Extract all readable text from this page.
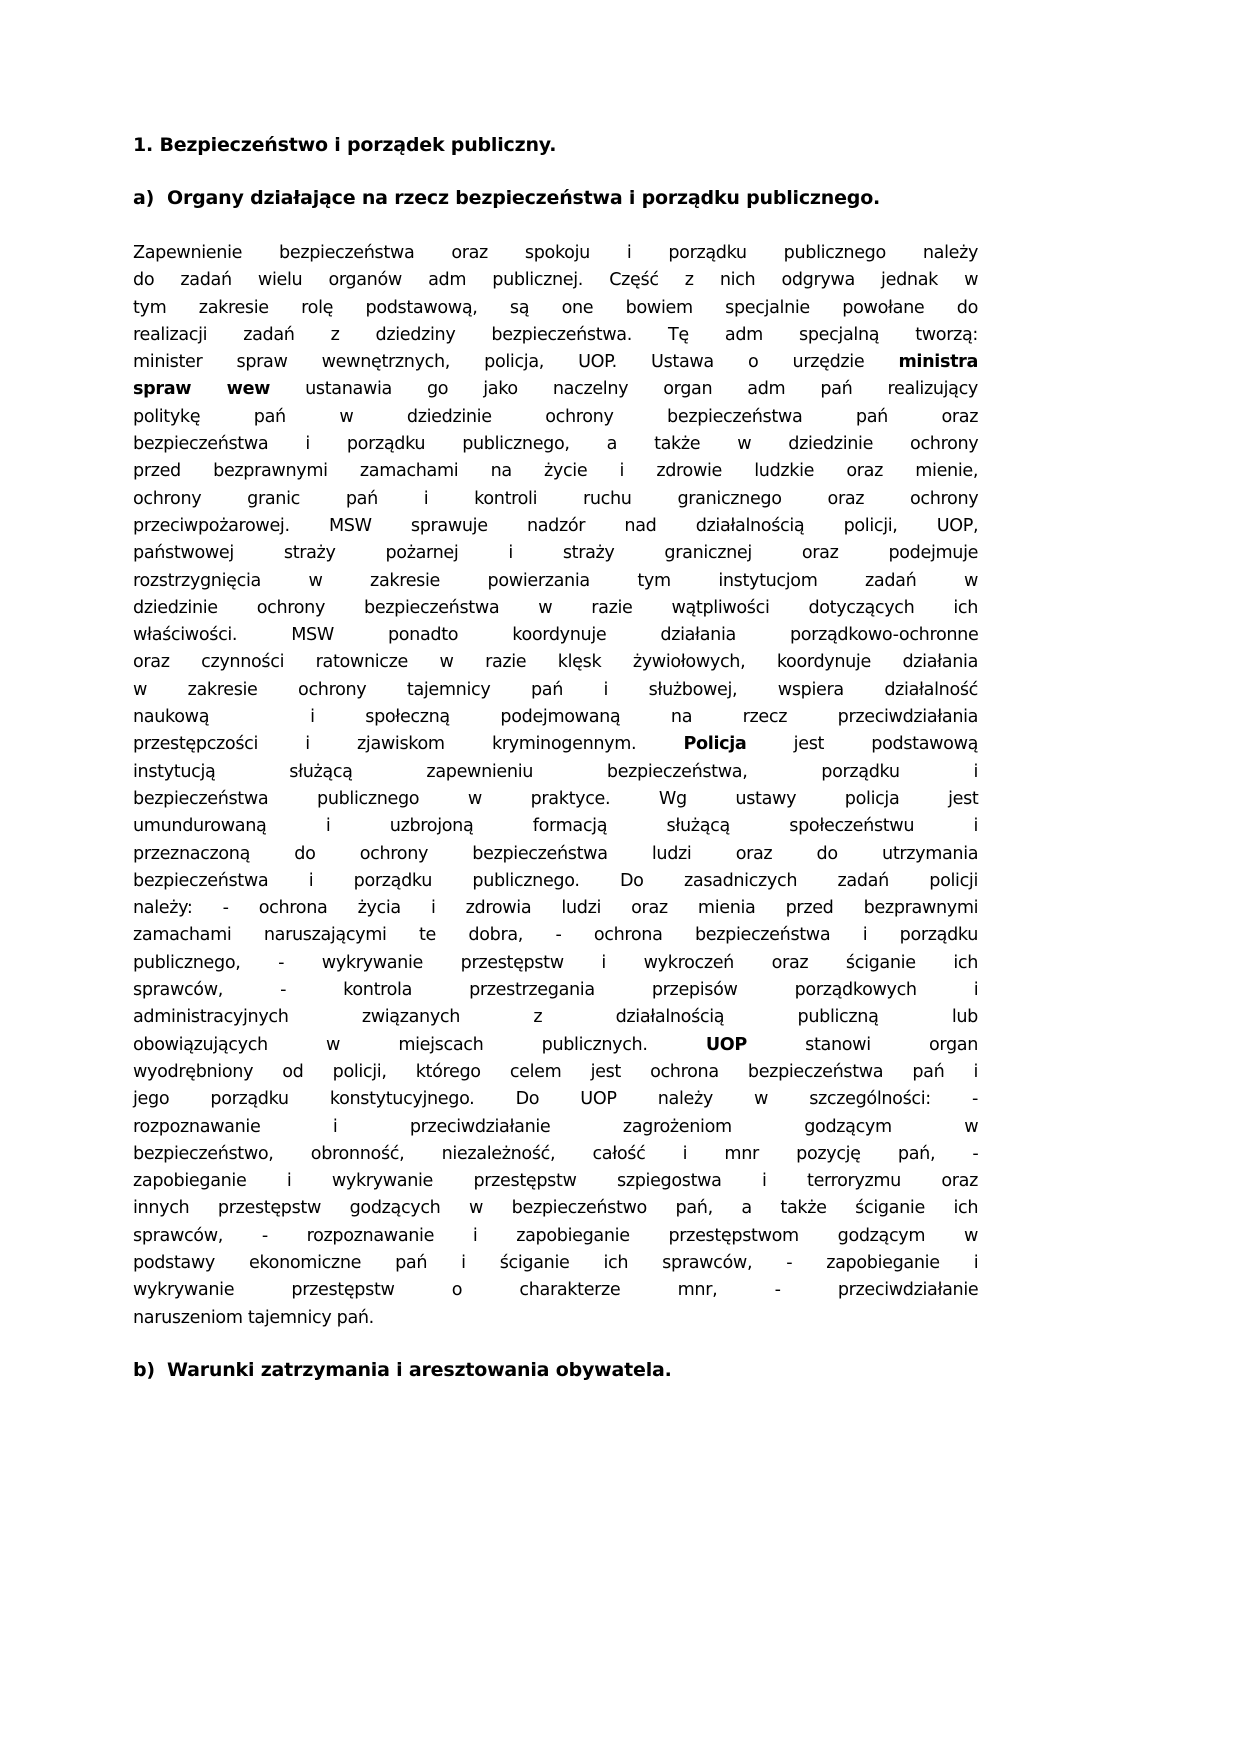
1. Bezpieczeństwo i porządek publiczny.

a) Organy działające na rzecz bezpieczeństwa i porządku publicznego.
Zapewnienie bezpieczeństwa oraz spokoju i porządku publicznego należy
do zadań wielu organów adm publicznej. Część z nich odgrywa jednak w
tym zakresie rolę podstawową, są one bowiem specjalnie powołane do
realizacji zadań z dziedziny bezpieczeństwa. Tę adm specjalną tworzą:
minister spraw wewnętrznych, policja, UOP. Ustawa o urzędzie ministra
spraw wew ustanawia go jako naczelny organ adm pań realizujący
politykę pań w dziedzinie ochrony bezpieczeństwa pań oraz
bezpieczeństwa i porządku publicznego, a także w dziedzinie ochrony
przed bezprawnymi zamachami na życie i zdrowie ludzkie oraz mienie,
ochrony granic pań i kontroli ruchu granicznego oraz ochrony
przeciwpożarowej. MSW sprawuje nadzór nad działalnością policji, UOP,
państwowej straży pożarnej i straży granicznej oraz podejmuje
rozstrzygnięcia w zakresie powierzania tym instytucjom zadań w
dziedzinie ochrony bezpieczeństwa w razie wątpliwości dotyczących ich
właściwości. MSW ponadto koordynuje działania porządkowo-ochronne
oraz czynności ratownicze w razie klęsk żywiołowych, koordynuje działania
w zakresie ochrony tajemnicy pań i służbowej, wspiera działalność
naukową  i społeczną podejmowaną na rzecz przeciwdziałania
przestępczości i zjawiskom kryminogennym. Policja jest podstawową
instytucją służącą zapewnieniu bezpieczeństwa, porządku i
bezpieczeństwa publicznego w praktyce. Wg ustawy policja jest
umundurowaną i uzbrojoną formacją służącą społeczeństwu i
przeznaczoną do ochrony bezpieczeństwa ludzi oraz do utrzymania
bezpieczeństwa i porządku publicznego. Do zasadniczych zadań policji
należy: - ochrona życia i zdrowia ludzi oraz mienia przed bezprawnymi
zamachami naruszającymi te dobra, - ochrona bezpieczeństwa i porządku
publicznego, - wykrywanie przestępstw i wykroczeń oraz ściganie ich
sprawców, - kontrola przestrzegania przepisów porządkowych i
administracyjnych związanych z działalnością publiczną lub
obowiązujących w miejscach publicznych. UOP stanowi organ
wyodrębniony od policji, którego celem jest ochrona bezpieczeństwa pań i
jego porządku konstytucyjnego. Do UOP należy w szczególności: -
rozpoznawanie i przeciwdziałanie zagrożeniom godzącym w
bezpieczeństwo, obronność, niezależność, całość i mnr pozycję pań, -
zapobieganie i wykrywanie przestępstw szpiegostwa i terroryzmu oraz
innych przestępstw godzących w bezpieczeństwo pań, a także ściganie ich
sprawców, - rozpoznawanie i zapobieganie przestępstwom godzącym w
podstawy ekonomiczne pań i ściganie ich sprawców, - zapobieganie i
wykrywanie przestępstw o charakterze mnr, - przeciwdziałanie
naruszeniom tajemnicy pań.
b) Warunki zatrzymania i aresztowania obywatela.
